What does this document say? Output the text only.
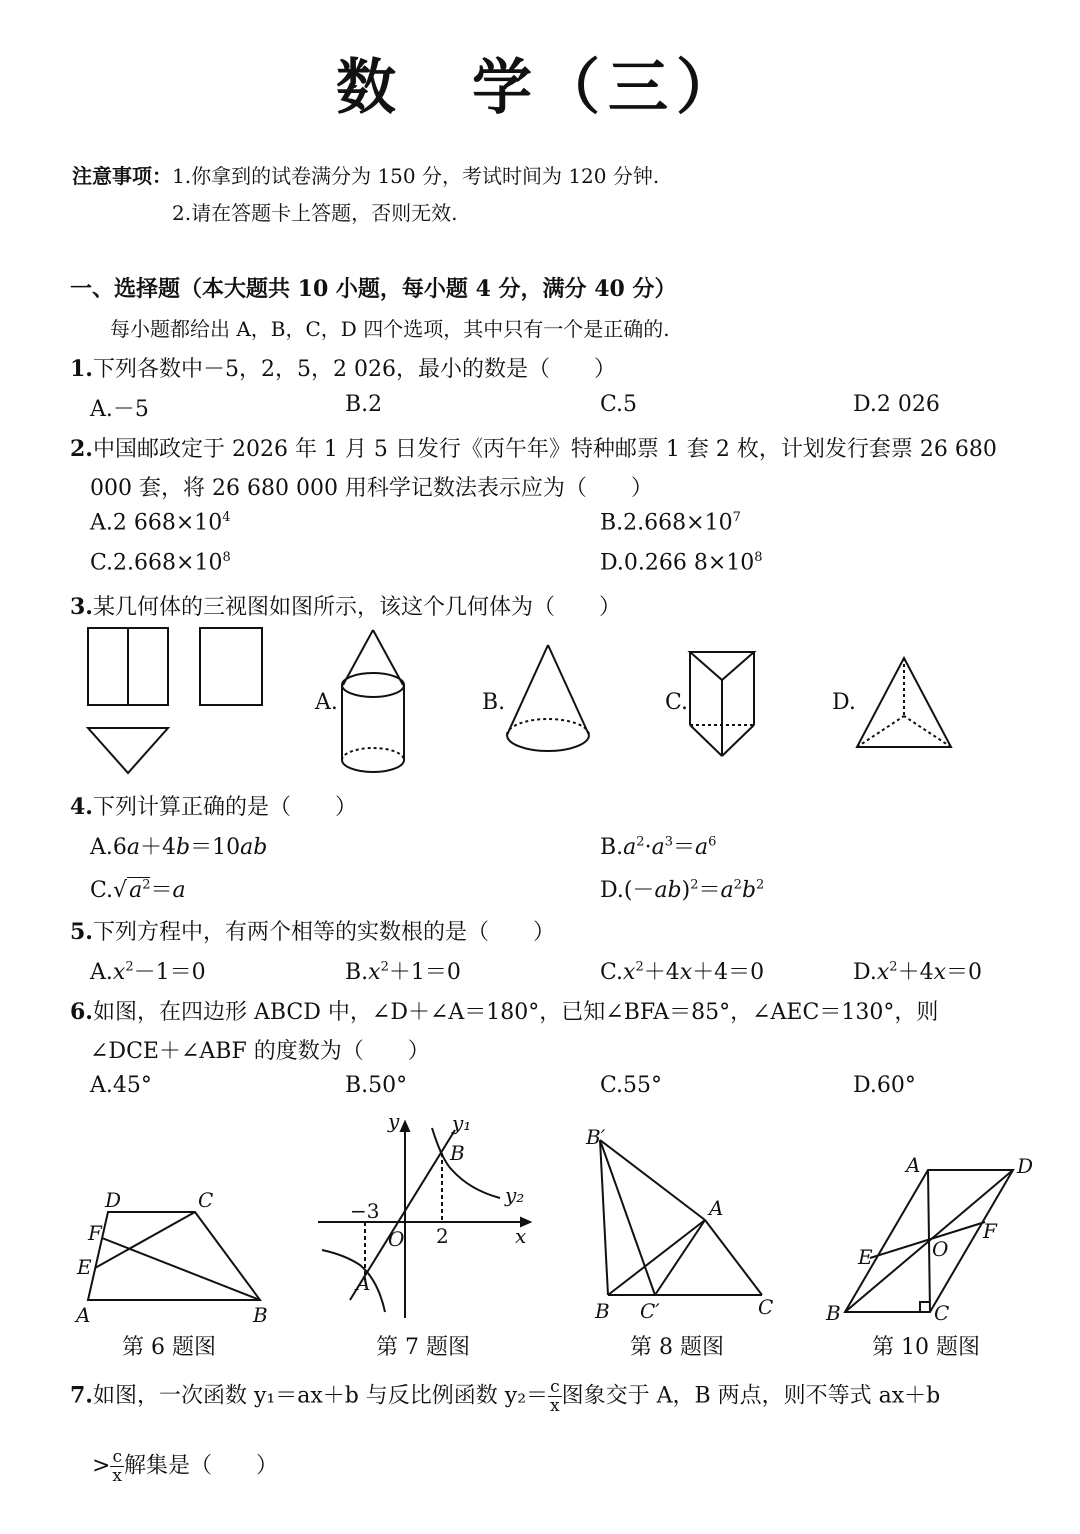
数　学（三）
注意事项：1.你拿到的试卷满分为 150 分，考试时间为 120 分钟.
2.请在答题卡上答题，否则无效.
一、选择题（本大题共 10 小题，每小题 4 分，满分 40 分）
每小题都给出 A，B，C，D 四个选项，其中只有一个是正确的.
1.下列各数中－5，2，5，2 026，最小的数是（　　）
A.－5	B.2	C.5	D.2 026
2.中国邮政定于 2026 年 1 月 5 日发行《丙午年》特种邮票 1 套 2 枚，计划发行套票 26 680
000 套，将 26 680 000 用科学记数法表示应为（　　）
A.2 $668\times 10^4$	$B.2.668\times 10^7$
$C.2.668\times 10^8$	D.0.266 $8\times 10^8$
3.某几何体的三视图如图所示，该这个几何体为（　　）
A.	B.	C.	D.
4.下列计算正确的是（　　）
A.6a＋4b＝10ab	$B.a^2\cdot a^3=a^6$
$C.√a^2=a$	$D.(-ab)^2=a^2b^2$
5.下列方程中，有两个相等的实数根的是（　　）
$A.x^2-1=0$	$B.x^2+1=0$	$C.x^2+4x+4=0$	$D.x^2+4x=0$
6.如图，在四边形 ABCD 中，∠D＋∠A＝180°，已知∠BFA＝85°，∠AEC＝130°，则
∠DCE＋∠ABF 的度数为（　　）
A.45°	B.50°	C.55°	D.60°
D	C
F
E
A	B
y	y₁
B
y₂
−3
O 2	x
A
B′
A
B C′	C
A	D
F
E	O
B	C
第 6 题图	第 7 题图	第 8 题图	第 10 题图
7.如图，一次函数 y₁＝ax＋b 与反比例函数 $y_2= \frac{c}{x}$ 图象交于 A，B 两点，则不等式 ax＋b
> $\frac{c}{x}$ 解集是（　　）
